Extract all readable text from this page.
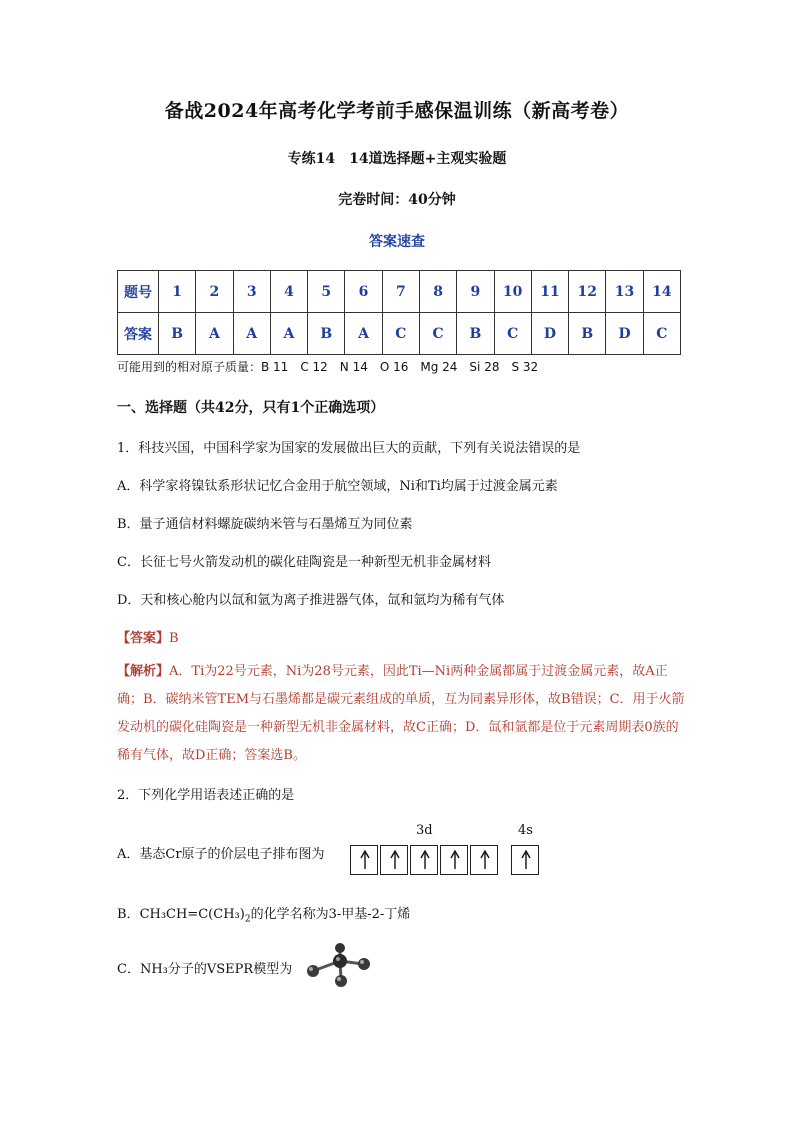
备战2024年高考化学考前手感保温训练（新高考卷）
专练14　14道选择题+主观实验题
完卷时间：40分钟
答案速查
题号	1	2	3	4	5	6	7	8	9	10	11	12	13	14
答案	B	A	A	A	B	A	C	C	B	C	D	B	D	C
可能用到的相对原子质量：B 11　C 12　N 14　O 16　Mg 24　Si 28　S 32
一、选择题（共42分，只有1个正确选项）
1．科技兴国，中国科学家为国家的发展做出巨大的贡献，下列有关说法错误的是
A．科学家将镍钛系形状记忆合金用于航空领域，Ni和Ti均属于过渡金属元素
B．量子通信材料螺旋碳纳米管与石墨烯互为同位素
C．长征七号火箭发动机的碳化硅陶瓷是一种新型无机非金属材料
D．天和核心舱内以氙和氩为离子推进器气体，氙和氩均为稀有气体
【答案】B
【解析】A．Ti为22号元素，Ni为28号元素，因此Ti—Ni两种金属都属于过渡金属元素，故A正确；B．碳纳米管TEM与石墨烯都是碳元素组成的单质，互为同素异形体，故B错误；C．用于火箭发动机的碳化硅陶瓷是一种新型无机非金属材料，故C正确；D．氙和氩都是位于元素周期表0族的稀有气体，故D正确；答案选B。
2．下列化学用语表述正确的是
A．基态Cr原子的价层电子排布图为
3d	4s
B．$CH_3CH=C(CH_3)_2$的化学名称为3-甲基-2-丁烯
C．NH₃分子的VSEPR模型为
